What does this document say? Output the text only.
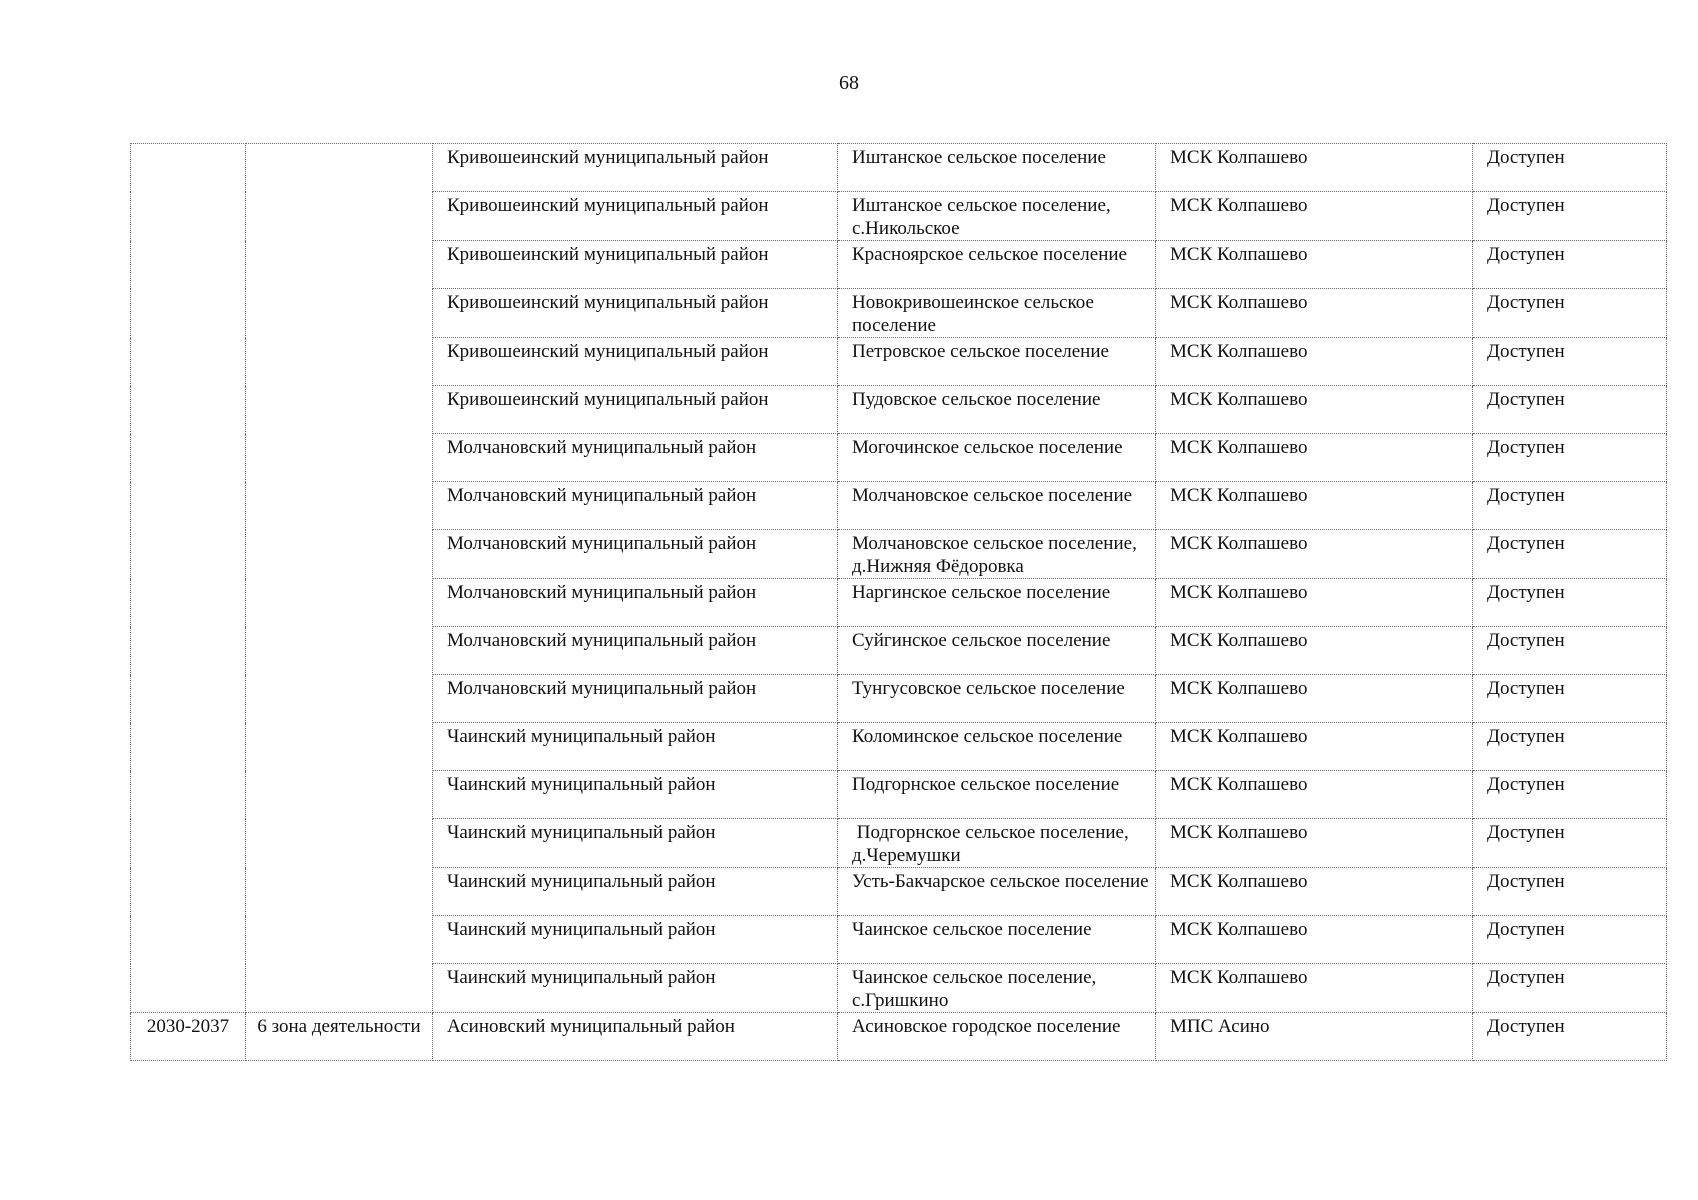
68

		Кривошеинский муниципальный район	Иштанское сельское поселение	МСК Колпашево	Доступен

		Кривошеинский муниципальный район	Иштанское сельское поселение, с.Никольское	МСК Колпашево	Доступен

		Кривошеинский муниципальный район	Красноярское сельское поселение	МСК Колпашево	Доступен

		Кривошеинский муниципальный район	Новокривошеинское сельское поселение	МСК Колпашево	Доступен

		Кривошеинский муниципальный район	Петровское сельское поселение	МСК Колпашево	Доступен

		Кривошеинский муниципальный район	Пудовское сельское поселение	МСК Колпашево	Доступен

		Молчановский муниципальный район	Могочинское сельское поселение	МСК Колпашево	Доступен

		Молчановский муниципальный район	Молчановское сельское поселение	МСК Колпашево	Доступен

		Молчановский муниципальный район	Молчановское сельское поселение, д.Нижняя Фёдоровка	МСК Колпашево	Доступен

		Молчановский муниципальный район	Наргинское сельское поселение	МСК Колпашево	Доступен

		Молчановский муниципальный район	Суйгинское сельское поселение	МСК Колпашево	Доступен

		Молчановский муниципальный район	Тунгусовское сельское поселение	МСК Колпашево	Доступен

		Чаинский муниципальный район	Коломинское сельское поселение	МСК Колпашево	Доступен

		Чаинский муниципальный район	Подгорнское сельское поселение	МСК Колпашево	Доступен

		Чаинский муниципальный район	Подгорнское сельское поселение, д.Черемушки	МСК Колпашево	Доступен

		Чаинский муниципальный район	Усть-Бакчарское сельское поселение	МСК Колпашево	Доступен

		Чаинский муниципальный район	Чаинское сельское поселение	МСК Колпашево	Доступен

		Чаинский муниципальный район	Чаинское сельское поселение, с.Гришкино	МСК Колпашево	Доступен

2030-2037	6 зона деятельности	Асиновский муниципальный район	Асиновское городское поселение	МПС Асино	Доступен
